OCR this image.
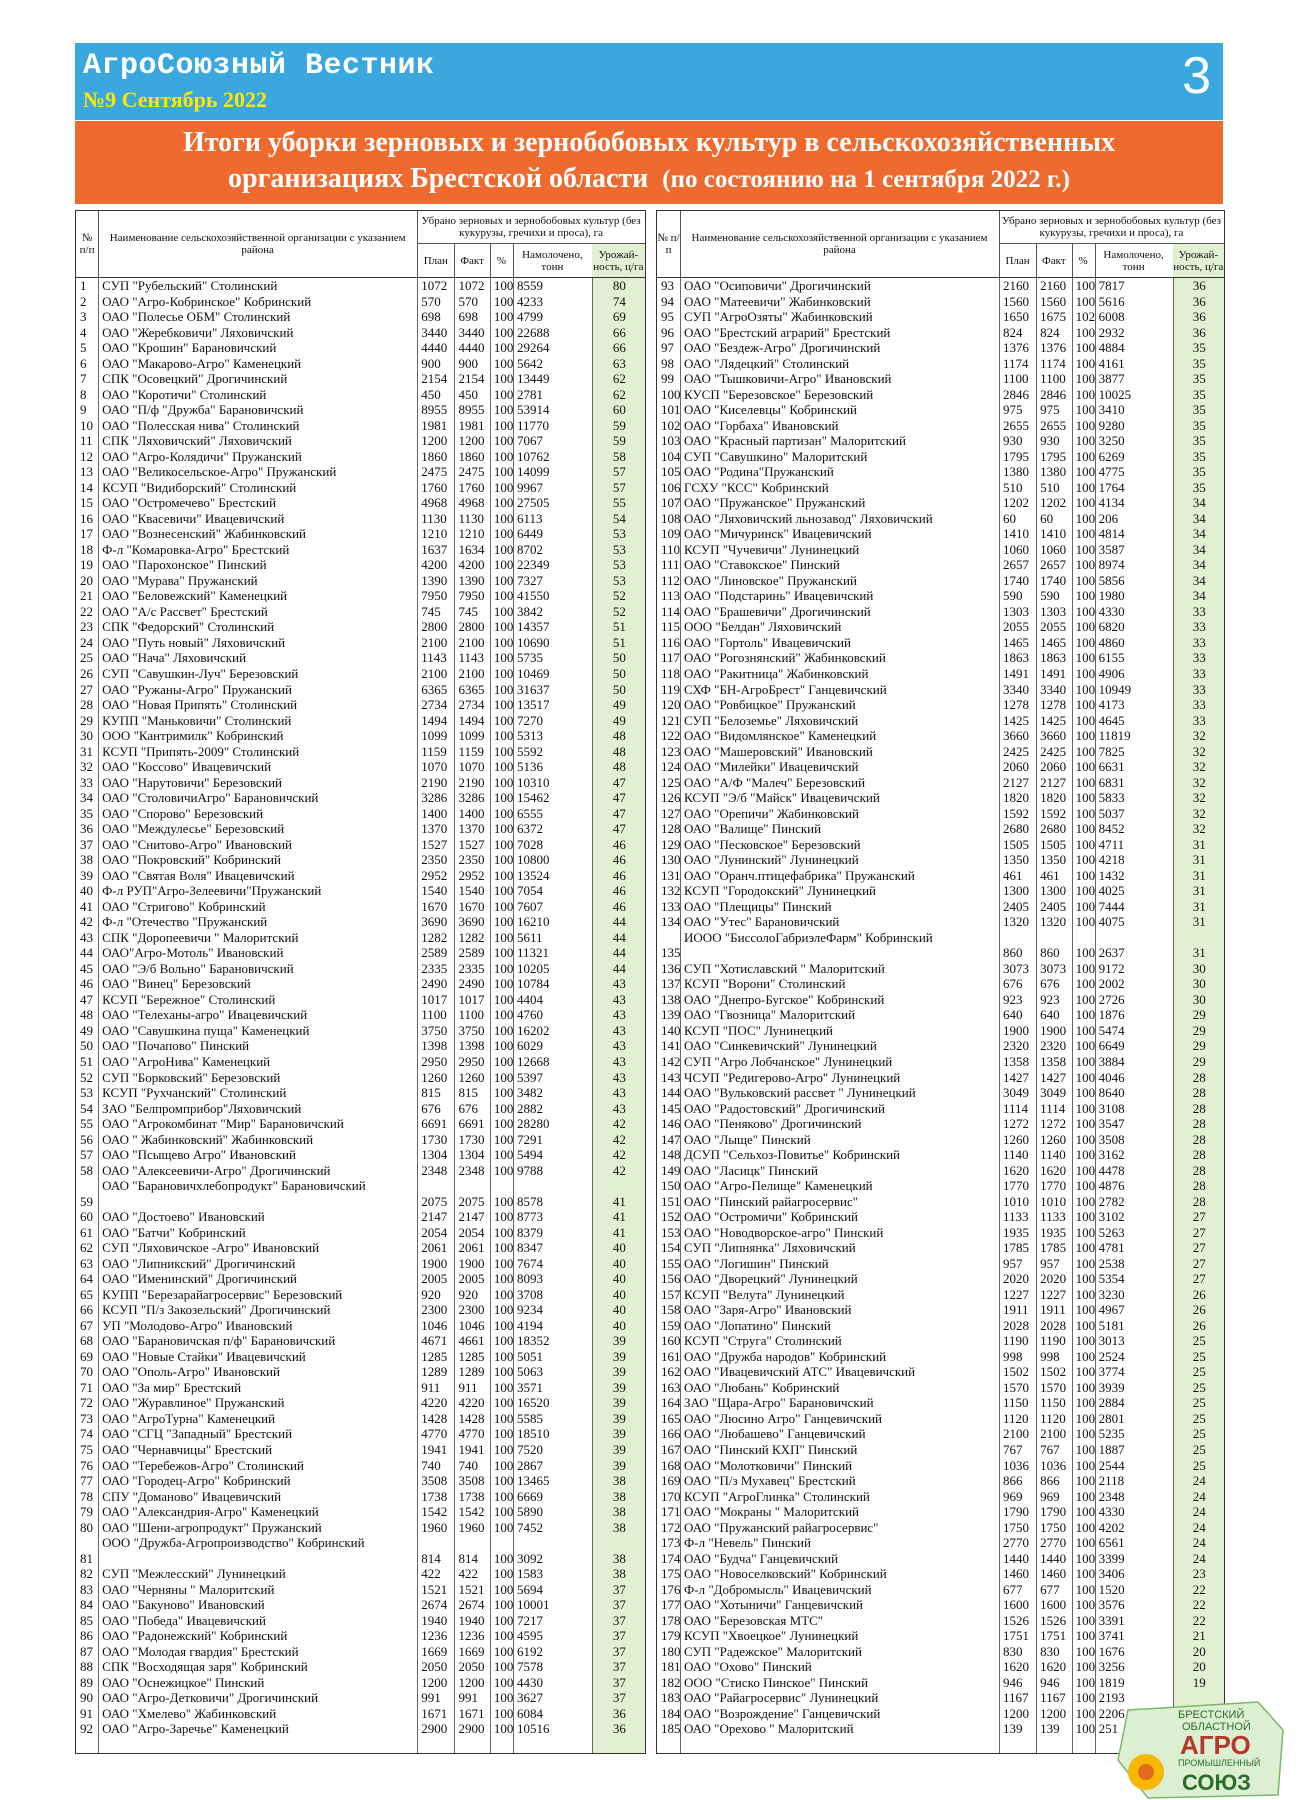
АгроСоюзный Вестник
№9 Сентябрь 2022	3
Итоги уборки зерновых и зернобобовых культур в сельскохозяйственных
организациях Брестской области (по состоянию на 1 сентября 2022 г.)
№ п/п
Наименование сельскохозяйственной организации с указанием района
Убрано зерновых и зернобобовых культур (без кукурузы, гречихи и проса), га
План	Факт	%	Намолочено, тонн
Урожай-ность, ц/га
1	СУП "Рубельский" Столинский	1072 1072 100 8559	80
2	ОАО "Агро-Кобринское" Кобринский	570	570	100 4233	74
3	ОАО "Полесье ОБМ" Столинский	698	698	100 4799	69
4	ОАО "Жеребковичи" Ляховичский	3440 3440 100 22688	66
5	ОАО "Крошин" Барановичский	4440 4440 100 29264	66
6	ОАО "Макарово-Агро" Каменецкий	900	900	100 5642	63
7	СПК "Осовецкий" Дрогичинский	2154 2154 100 13449	62
8	ОАО "Коротичи" Столинский	450	450	100 2781	62
9	ОАО "П/ф "Дружба" Барановичский	8955 8955 100 53914	60
10 ОАО "Полесская нива" Столинский	1981 1981 100 11770	59
11 СПК "Ляховичский" Ляховичский	1200 1200 100 7067	59
12 ОАО "Агро-Колядичи" Пружанский	1860 1860 100 10762	58
13 ОАО "Великосельское-Агро" Пружанский	2475 2475 100 14099	57
14 КСУП "Видиборский" Столинский	1760 1760 100 9967	57
15 ОАО "Остромечево" Брестский	4968 4968 100 27505	55
16 ОАО "Квасевичи" Ивацевичский	1130 1130 100 6113	54
17 ОАО "Вознесенский" Жабинковский	1210 1210 100 6449	53
18 Ф-л "Комаровка-Агро" Брестский	1637 1634 100 8702	53
19 ОАО "Парохонское" Пинский	4200 4200 100 22349	53
20 ОАО "Мурава" Пружанский	1390 1390 100 7327	53
21 ОАО "Беловежский" Каменецкий	7950 7950 100 41550	52
22 ОАО "А/с Рассвет" Брестский	745	745	100 3842	52
23 СПК "Федорский" Столинский	2800 2800 100 14357	51
24 ОАО "Путь новый" Ляховичский	2100 2100 100 10690	51
25 ОАО "Нача" Ляховичский	1143 1143 100 5735	50
26 СУП "Савушкин-Луч" Березовский	2100 2100 100 10469	50
27 ОАО "Ружаны-Агро" Пружанский	6365 6365 100 31637	50
28 ОАО "Новая Припять" Столинский	2734 2734 100 13517	49
29 КУПП "Маньковичи" Столинский	1494 1494 100 7270	49
30 ООО "Кантримилк" Кобринский	1099 1099 100 5313	48
31 КСУП "Припять-2009" Столинский	1159 1159 100 5592	48
32 ОАО "Коссово" Ивацевичский	1070 1070 100 5136	48
33 ОАО "Нарутовичи" Березовский	2190 2190 100 10310	47
34 ОАО "СтоловичиАгро" Барановичский	3286 3286 100 15462	47
35 ОАО "Спорово" Березовский	1400 1400 100 6555	47
36 ОАО "Междулесье" Березовский	1370 1370 100 6372	47
37 ОАО "Снитово-Агро" Ивановский	1527 1527 100 7028	46
38 ОАО "Покровский" Кобринский	2350 2350 100 10800	46
39 ОАО "Святая Воля" Ивацевичский	2952 2952 100 13524	46
40 Ф-л РУП"Агро-Зелеевичи"Пружанский	1540 1540 100 7054	46
41 ОАО "Стригово" Кобринский	1670 1670 100 7607	46
42 Ф-л "Отечество "Пружанский	3690 3690 100 16210	44
43 СПК "Доропеевичи " Малоритский	1282 1282 100 5611	44
44 ОАО"Агро-Мотоль" Ивановский	2589 2589 100 11321	44
45 ОАО "Э/б Вольно" Барановичский	2335 2335 100 10205	44
46 ОАО "Винец" Березовский	2490 2490 100 10784	43
47 КСУП "Бережное" Столинский	1017 1017 100 4404	43
48 ОАО "Телеханы-агро" Ивацевичский	1100 1100 100 4760	43
49 ОАО "Савушкина пуща" Каменецкий	3750 3750 100 16202	43
50 ОАО "Почапово" Пинский	1398 1398 100 6029	43
51 ОАО "АгроНива" Каменецкий	2950 2950 100 12668	43
52 СУП "Борковский" Березовский	1260 1260 100 5397	43
53 КСУП "Рухчанский" Столинский	815	815	100 3482	43
54 ЗАО "Белпромприбор"Ляховичский	676	676	100 2882	43
55 ОАО "Агрокомбинат "Мир" Барановичский	6691 6691 100 28280	42
56 ОАО " Жабинковский" Жабинковский	1730 1730 100 7291	42
57 ОАО "Псыщево Агро" Ивановский	1304 1304 100 5494	42
58 ОАО "Алексеевичи-Агро" Дрогичинский	2348 2348 100 9788	42
59
ОАО "Барановичхлебопродукт" Барановичский
2075 2075 100 8578	41
60 ОАО "Достоево" Ивановский	2147 2147 100 8773	41
61 ОАО "Батчи" Кобринский	2054 2054 100 8379	41
62 СУП "Ляховичское -Агро" Ивановский	2061 2061 100 8347	40
63 ОАО "Липникский" Дрогичинский	1900 1900 100 7674	40
64 ОАО "Именинский" Дрогичинский	2005 2005 100 8093	40
65 КУПП "Березарайагросервис" Березовский	920	920	100 3708	40
66 КСУП "П/з Закозельский" Дрогичинский	2300 2300 100 9234	40
67 УП "Молодово-Агро" Ивановский	1046 1046 100 4194	40
68 ОАО "Барановичская п/ф" Барановичский	4671 4661 100 18352	39
69 ОАО "Новые Стайки" Ивацевичский	1285 1285 100 5051	39
70 ОАО "Ополь-Агро" Ивановский	1289 1289 100 5063	39
71 ОАО "За мир" Брестский	911	911	100 3571	39
72 ОАО "Журавлиное" Пружанский	4220 4220 100 16520	39
73 ОАО "АгроТурна" Каменецкий	1428 1428 100 5585	39
74 ОАО "СГЦ "Западный" Брестский	4770 4770 100 18510	39
75 ОАО "Чернавчицы" Брестский	1941 1941 100 7520	39
76 ОАО "Теребежов-Агро" Столинский	740	740	100 2867	39
77 ОАО "Городец-Агро" Кобринский	3508 3508 100 13465	38
78 СПУ "Доманово" Ивацевичский	1738 1738 100 6669	38
79 ОАО "Александрия-Агро" Каменецкий	1542 1542 100 5890	38
80 ОАО "Шени-агропродукт" Пружанский	1960 1960 100 7452	38
81
ООО "Дружба-Агропроизводство" Кобринский
814	814	100 3092	38
82 СУП "Межлесский" Лунинецкий	422	422	100 1583	38
83 ОАО "Черняны " Малоритский	1521 1521 100 5694	37
84 ОАО "Бакуново" Ивановский	2674 2674 100 10001	37
85 ОАО "Победа" Ивацевичский	1940 1940 100 7217	37
86 ОАО "Радонежский" Кобринский	1236 1236 100 4595	37
87 ОАО "Молодая гвардия" Брестский	1669 1669 100 6192	37
88 СПК "Восходящая заря" Кобринский	2050 2050 100 7578	37
89 ОАО "Оснежицкое" Пинский	1200 1200 100 4430	37
90 ОАО "Агро-Детковичи" Дрогичинский	991	991	100 3627	37
91 ОАО "Хмелево" Жабинковский	1671 1671 100 6084	36
92 ОАО "Агро-Заречье" Каменецкий	2900 2900 100 10516	36
№ п/п
Наименование сельскохозяйственной организации с указанием района
Убрано зерновых и зернобобовых культур (без кукурузы, гречихи и проса), га
План	Факт	%	Намолочено, тонн
Урожай-ность, ц/га
93 ОАО "Осиповичи" Дрогичинский	2160 2160 100 7817	36
94 ОАО "Матеевичи" Жабинковский	1560 1560 100 5616	36
95 СУП "АгроОзяты" Жабинковский	1650 1675 102 6008	36
96 ОАО "Брестский аграрий" Брестский	824	824	100 2932	36
97 ОАО "Бездеж-Агро" Дрогичинский	1376 1376 100 4884	35
98 ОАО "Лядецкий" Столинский	1174 1174 100 4161	35
99 ОАО "Тышковичи-Агро" Ивановский	1100 1100 100 3877	35
100 КУСП "Березовское" Березовский	2846 2846 100 10025	35
101 ОАО "Киселевцы" Кобринский	975	975	100 3410	35
102 ОАО "Горбаха" Ивановский	2655 2655 100 9280	35
103 ОАО "Красный партизан" Малоритский	930	930	100 3250	35
104 СУП "Савушкино" Малоритский	1795 1795 100 6269	35
105 ОАО "Родина"Пружанский	1380 1380 100 4775	35
106 ГСХУ "КСС" Кобринский	510	510	100 1764	35
107 ОАО "Пружанское" Пружанский	1202 1202 100 4134	34
108 ОАО "Ляховичский льнозавод" Ляховичский	60	60	100 206	34
109 ОАО "Мичуринск" Ивацевичский	1410 1410 100 4814	34
110 КСУП "Чучевичи" Лунинецкий	1060 1060 100 3587	34
111 ОАО "Ставокское" Пинский	2657 2657 100 8974	34
112 ОАО "Линовское" Пружанский	1740 1740 100 5856	34
113 ОАО "Подстаринь" Ивацевичский	590	590	100 1980	34
114 ОАО "Брашевичи" Дрогичинский	1303 1303 100 4330	33
115 ООО "Белдан" Ляховичский	2055 2055 100 6820	33
116 ОАО "Гортоль" Ивацевичский	1465 1465 100 4860	33
117 ОАО "Рогознянский" Жабинковский	1863 1863 100 6155	33
118 ОАО "Ракитница" Жабинковский	1491 1491 100 4906	33
119 СХФ "БН-АгроБрест" Ганцевичский	3340 3340 100 10949	33
120 ОАО "Ровбицкое" Пружанский	1278 1278 100 4173	33
121 СУП "Белоземье" Ляховичский	1425 1425 100 4645	33
122 ОАО "Видомлянское" Каменецкий	3660 3660 100 11819	32
123 ОАО "Машеровский" Ивановский	2425 2425 100 7825	32
124 ОАО "Милейки" Ивацевичский	2060 2060 100 6631	32
125 ОАО "А/Ф "Малеч" Березовский	2127 2127 100 6831	32
126 КСУП "Э/б "Майск" Ивацевичский	1820 1820 100 5833	32
127 ОАО "Орепичи" Жабинковский	1592 1592 100 5037	32
128 ОАО "Валище" Пинский	2680 2680 100 8452	32
129 ОАО "Песковское" Березовский	1505 1505 100 4711	31
130 ОАО "Лунинский" Лунинецкий	1350 1350 100 4218	31
131 ОАО "Оранч.птицефабрика" Пружанский	461	461	100 1432	31
132 КСУП "Городокский" Лунинецкий	1300 1300 100 4025	31
133 ОАО "Плещицы" Пинский	2405 2405 100 7444	31
134 ОАО "Утес" Барановичский	1320 1320 100 4075	31
135
ИООО "БиссолоГабриэлеФарм" Кобринский
860	860	100 2637	31
136 СУП "Хотиславский " Малоритский	3073 3073 100 9172	30
137 КСУП "Ворони" Столинский	676	676	100 2002	30
138 ОАО "Днепро-Бугское" Кобринский	923	923	100 2726	30
139 ОАО "Гвозница" Малоритский	640	640	100 1876	29
140 КСУП "ПОС" Лунинецкий	1900 1900 100 5474	29
141 ОАО "Синкевичский" Лунинецкий	2320 2320 100 6649	29
142 СУП "Агро Лобчанское" Лунинецкий	1358 1358 100 3884	29
143 ЧСУП "Редигерово-Агро" Лунинецкий	1427 1427 100 4046	28
144 ОАО "Вульковский рассвет " Лунинецкий	3049 3049 100 8640	28
145 ОАО "Радостовский" Дрогичинский	1114 1114 100 3108	28
146 ОАО "Пеняково" Дрогичинский	1272 1272 100 3547	28
147 ОАО "Лыще" Пинский	1260 1260 100 3508	28
148 ДСУП "Сельхоз-Повитье" Кобринский	1140 1140 100 3162	28
149 ОАО "Ласицк" Пинский	1620 1620 100 4478	28
150 ОАО "Агро-Пелище" Каменецкий	1770 1770 100 4876	28
151 ОАО "Пинский райагросервис"	1010 1010 100 2782	28
152 ОАО "Остромичи" Кобринский	1133 1133 100 3102	27
153 ОАО "Новодворское-агро" Пинский	1935 1935 100 5263	27
154 СУП "Липнянка" Ляховичский	1785 1785 100 4781	27
155 ОАО "Логишин" Пинский	957	957	100 2538	27
156 ОАО "Дворецкий" Лунинецкий	2020 2020 100 5354	27
157 КСУП "Велута" Лунинецкий	1227 1227 100 3230	26
158 ОАО "Заря-Агро" Ивановский	1911 1911 100 4967	26
159 ОАО "Лопатино" Пинский	2028 2028 100 5181	26
160 КСУП "Стрyга" Столинский	1190 1190 100 3013	25
161 ОАО "Дружба народов" Кобринский	998	998	100 2524	25
162 ОАО "Ивацевичский АТС" Ивацевичский	1502 1502 100 3774	25
163 ОАО "Любань" Кобринский	1570 1570 100 3939	25
164 ЗАО "Щара-Агро" Барановичский	1150 1150 100 2884	25
165 ОАО "Люсино Агро" Ганцевичский	1120 1120 100 2801	25
166 ОАО "Любашево" Ганцевичский	2100 2100 100 5235	25
167 ОАО "Пинский КХП" Пинский	767	767	100 1887	25
168 ОАО "Молотковичи" Пинский	1036 1036 100 2544	25
169 ОАО "П/з Мухавец" Брестский	866	866	100 2118	24
170 КСУП "АгроГлинка" Столинский	969	969	100 2348	24
171 ОАО "Мокраны " Малоритский	1790 1790 100 4330	24
172 ОАО "Пружанский райагросервис"	1750 1750 100 4202	24
173 Ф-л "Невель" Пинский	2770 2770 100 6561	24
174 ОАО "Будча" Ганцевичский	1440 1440 100 3399	24
175 ОАО "Новоселковский" Кобринский	1460 1460 100 3406	23
176 Ф-л "Добромысль" Ивацевичский	677	677	100 1520	22
177 ОАО "Хотыничи" Ганцевичский	1600 1600 100 3576	22
178 ОАО "Березовская МТС"	1526 1526 100 3391	22
179 КСУП "Хвоецкое" Лунинецкий	1751 1751 100 3741	21
180 СУП "Радежское" Малоритский	830	830	100 1676	20
181 ОАО "Охово" Пинский	1620 1620 100 3256	20
182 ООО "Стиско Пинское" Пинский	946	946	100 1819	19
183 ОАО "Райагросервис" Лунинецкий	1167 1167 100 2193
184 ОАО "Возрождение" Ганцевичский	1200 1200 100 2206
185 ОАО "Орехово " Малоритский	139	139	100 251
БРЕСТСКИЙ
ОБЛАСТНОЙ
АГРО
ПРОМЫШЛЕННЫЙ
СОЮЗ
